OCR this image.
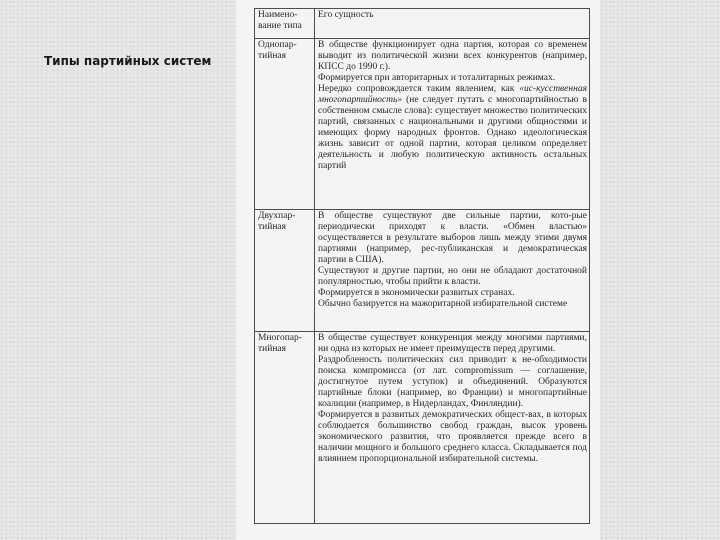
Типы партийных систем
Наимено-
вание типа	Его сущность
Однопар-
тийная	В обществе функционирует одна партия, которая со временем выводит из политической жизни всех конкурентов (например, КПСС до 1990 г.).
Формируется при авторитарных и тоталитарных режимах.
Нередко сопровождается таким явлением, как «ис-кусственная многопартийность» (не следует путать с многопартийностью в собственном смысле слова): существует множество политических партий, связанных с национальными и другими общностями и имеющих форму народных фронтов. Однако идеологическая жизнь зависит от одной партии, которая целиком определяет деятельность и любую политическую активность остальных партий
Двухпар-
тийная	В обществе существуют две сильные партии, кото-рые периодически приходят к власти. «Обмен властью» осуществляется в результате выборов лишь между этими двумя партиями (например, рес-публиканская и демократическая партии в США).
Существуют и другие партии, но они не обладают достаточной популярностью, чтобы прийти к власти.
Формируется в экономически развитых странах.
Обычно базируется на мажоритарной избирательной системе
Многопар-
тийная	В обществе существует конкуренция между многими партиями, ни одна из которых не имеет преимуществ перед другими.
Раздробленость политических сил приводит к не-обходимости поиска компромисса (от лат. compromissum — соглашение, достигнутое путем уступок) и объединений. Образуются партийные блоки (например, во Франции) и многопартийные коалиции (например, в Нидерландах, Финляндии).
Формируется в развитых демократических общест-вах, в которых соблюдается большинство свобод граждан, высок уровень экономического развития, что проявляется прежде всего в наличии мощного и большого среднего класса. Складывается под влиянием пропорциональной избирательной системы.
